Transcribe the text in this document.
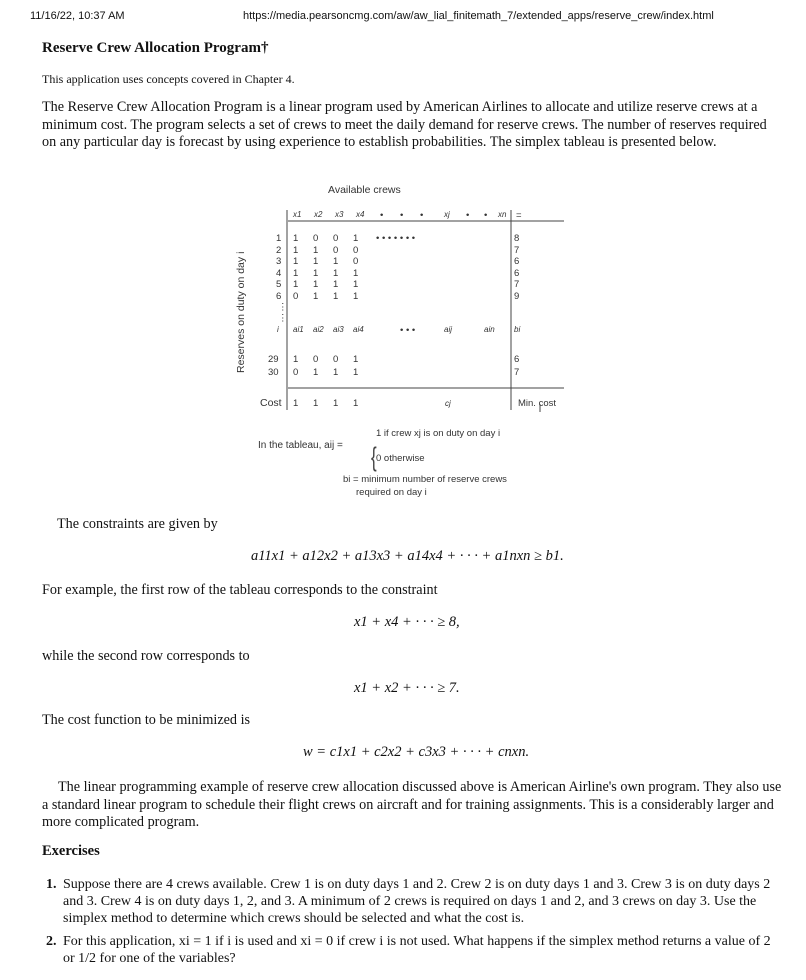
11/16/22, 10:37 AM	https://media.pearsoncmg.com/aw/aw_lial_finitemath_7/extended_apps/reserve_crew/index.html
Reserve Crew Allocation Program†
This application uses concepts covered in Chapter 4.
The Reserve Crew Allocation Program is a linear program used by American Airlines to allocate and utilize reserve crews at a minimum cost. The program selects a set of crews to meet the daily demand for reserve crews. The number of reserves required on any particular day is forecast by using experience to establish probabilities. The simplex tableau is presented below.
Available crews
x1 x2 x3 x4 • • •	xj • • xn =
Reserves on duty on day i
1 1 0 0 1	8
2 1 1 0 0	7
3 1 1 1 0	6
4 1 1 1 1	6
5 1 1 1 1	7
6 0 1 1 1	9
⋮
⋮
• • • • • • •
i ai1 ai2 ai3 ai4	aij	ain bi
• • •
29 1 0 0 1	6
30 0 1 1 1	7
Cost 1 1 1 1	cj	Min. cost
In the tableau, aij = {
1 if crew xj is on duty on day i
0 otherwise
bi = minimum number of reserve crews
required on day i
The constraints are given by
a11x1 + a12x2 + a13x3 + a14x4 + · · · + a1nxn ≥ b1.
For example, the first row of the tableau corresponds to the constraint
x1 + x4 + · · · ≥ 8,
while the second row corresponds to
x1 + x2 + · · · ≥ 7.
The cost function to be minimized is
w = c1x1 + c2x2 + c3x3 + · · · + cnxn.
The linear programming example of reserve crew allocation discussed above is American Airline's own program. They also use a standard linear program to schedule their flight crews on aircraft and for training assignments. This is a considerably larger and more complicated program.
Exercises
1. Suppose there are 4 crews available. Crew 1 is on duty days 1 and 2. Crew 2 is on duty days 1 and 3. Crew 3 is on duty days 2 and 3. Crew 4 is on duty days 1, 2, and 3. A minimum of 2 crews is required on days 1 and 2, and 3 crews on day 3. Use the simplex method to determine which crews should be selected and what the cost is.
2. For this application, xi = 1 if i is used and xi = 0 if crew i is not used. What happens if the simplex method returns a value of 2 or 1/2 for one of the variables?
